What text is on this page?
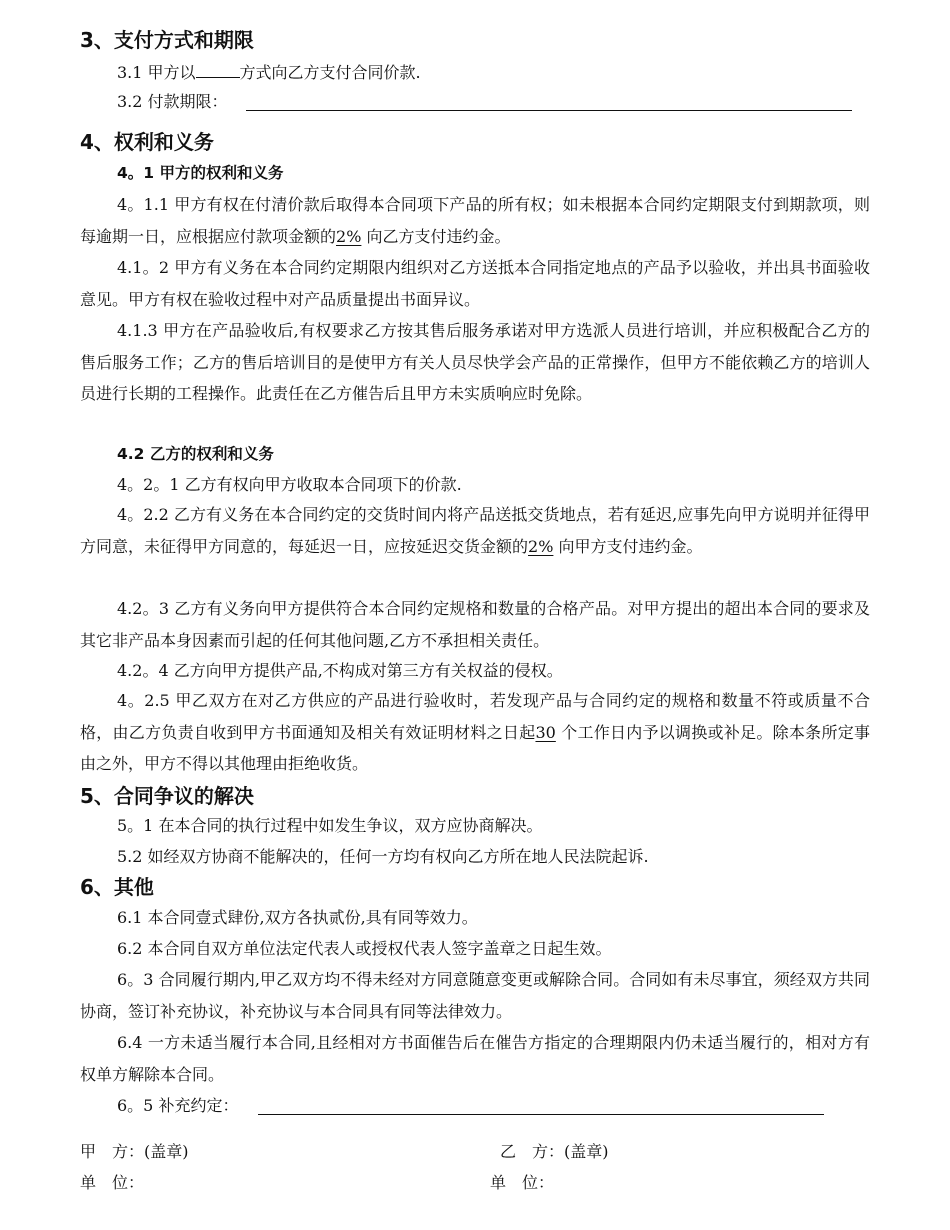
3、支付方式和期限
3.1 甲方以	方式向乙方支付合同价款.
3.2 付款期限：
4、权利和义务
4。1 甲方的权利和义务

4。1.1 甲方有权在付清价款后取得本合同项下产品的所有权；如未根据本合同约定期限支付到期款项，则每逾期一日，应根据应付款项金额的2% 向乙方支付违约金。

4.1。2 甲方有义务在本合同约定期限内组织对乙方送抵本合同指定地点的产品予以验收，并出具书面验收意见。甲方有权在验收过程中对产品质量提出书面异议。

4.1.3 甲方在产品验收后,有权要求乙方按其售后服务承诺对甲方选派人员进行培训，并应积极配合乙方的售后服务工作；乙方的售后培训目的是使甲方有关人员尽快学会产品的正常操作，但甲方不能依赖乙方的培训人员进行长期的工程操作。此责任在乙方催告后且甲方未实质响应时免除。

4.2 乙方的权利和义务
4。2。1 乙方有权向甲方收取本合同项下的价款.

4。2.2 乙方有义务在本合同约定的交货时间内将产品送抵交货地点，若有延迟,应事先向甲方说明并征得甲方同意，未征得甲方同意的，每延迟一日，应按延迟交货金额的2% 向甲方支付违约金。

4.2。3 乙方有义务向甲方提供符合本合同约定规格和数量的合格产品。对甲方提出的超出本合同的要求及其它非产品本身因素而引起的任何其他问题,乙方不承担相关责任。

4.2。4 乙方向甲方提供产品,不构成对第三方有关权益的侵权。

4。2.5 甲乙双方在对乙方供应的产品进行验收时，若发现产品与合同约定的规格和数量不符或质量不合格，由乙方负责自收到甲方书面通知及相关有效证明材料之日起30 个工作日内予以调换或补足。除本条所定事由之外，甲方不得以其他理由拒绝收货。

5、合同争议的解决
5。1 在本合同的执行过程中如发生争议，双方应协商解决。
5.2 如经双方协商不能解决的，任何一方均有权向乙方所在地人民法院起诉.
6、其他
6.1 本合同壹式肆份,双方各执贰份,具有同等效力。
6.2 本合同自双方单位法定代表人或授权代表人签字盖章之日起生效。

6。3 合同履行期内,甲乙双方均不得未经对方同意随意变更或解除合同。合同如有未尽事宜，须经双方共同协商，签订补充协议，补充协议与本合同具有同等法律效力。

6.4 一方未适当履行本合同,且经相对方书面催告后在催告方指定的合理期限内仍未适当履行的，相对方有权单方解除本合同。

6。5 补充约定：
甲　方：(盖章)	乙　方：(盖章)
单　位：	单　位：
